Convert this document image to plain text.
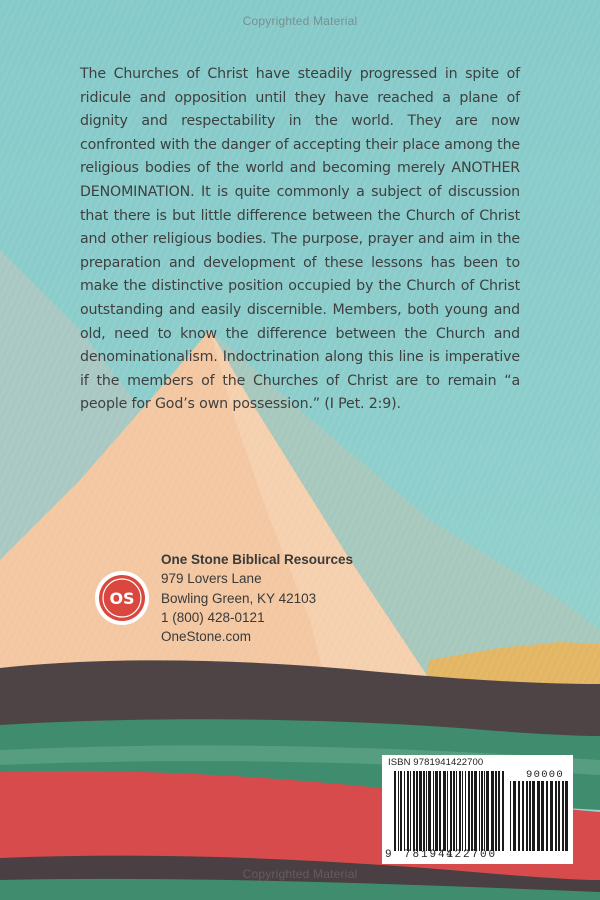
Copyrighted Material

The Churches of Christ have steadily progressed in spite of ridicule and opposition until they have reached a plane of dignity and respectability in the world. They are now confronted with the danger of accepting their place among the religious bodies of the world and becoming merely ANOTHER DENOMINATION. It is quite commonly a subject of discussion that there is but little difference between the Church of Christ and other religious bodies. The purpose, prayer and aim in the preparation and development of these lessons has been to make the distinctive position occupied by the Church of Christ outstanding and easily discernible. Members, both young and old, need to know the difference between the Church and denominationalism. Indoctrination along this line is imperative if the members of the Churches of Christ are to remain “a people for God’s own possession.” (I Pet. 2:9).

OS
One Stone Biblical Resources
979 Lovers Lane
Bowling Green, KY 42103
1 (800) 428-0121
OneStone.com
ISBN 9781941422700
90000
9 781941
422700
Copyrighted Material
